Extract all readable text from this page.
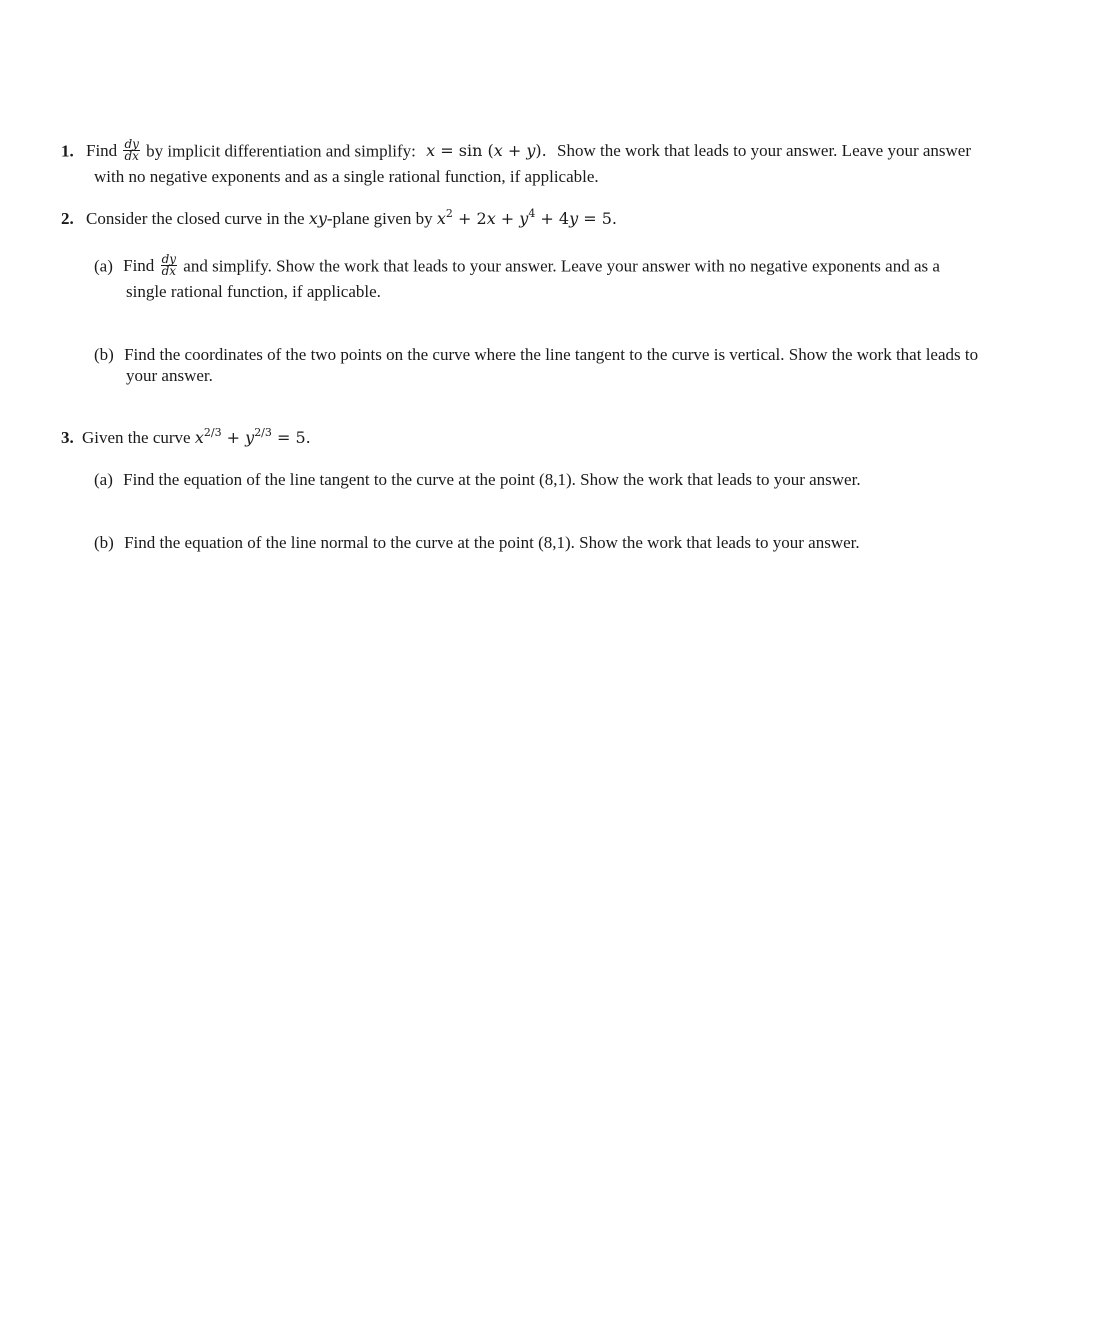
1. Find $\frac{dy}{dx}$ by implicit differentiation and simplify: x = sin (x + y). Show the work that leads to your answer. Leave your answer
with no negative exponents and as a single rational function, if applicable.
2. Consider the closed curve in the xy-plane given by $x^2 + 2x + y^4 + 4y = 5$.
(a) Find $\frac{dy}{dx}$ and simplify. Show the work that leads to your answer. Leave your answer with no negative exponents and as a
single rational function, if applicable.
(b) Find the coordinates of the two points on the curve where the line tangent to the curve is vertical. Show the work that leads to
your answer.
3. Given the curve $x^{2/3} + y^{2/3} = 5$.
(a) Find the equation of the line tangent to the curve at the point (8,1). Show the work that leads to your answer.
(b) Find the equation of the line normal to the curve at the point (8,1). Show the work that leads to your answer.
